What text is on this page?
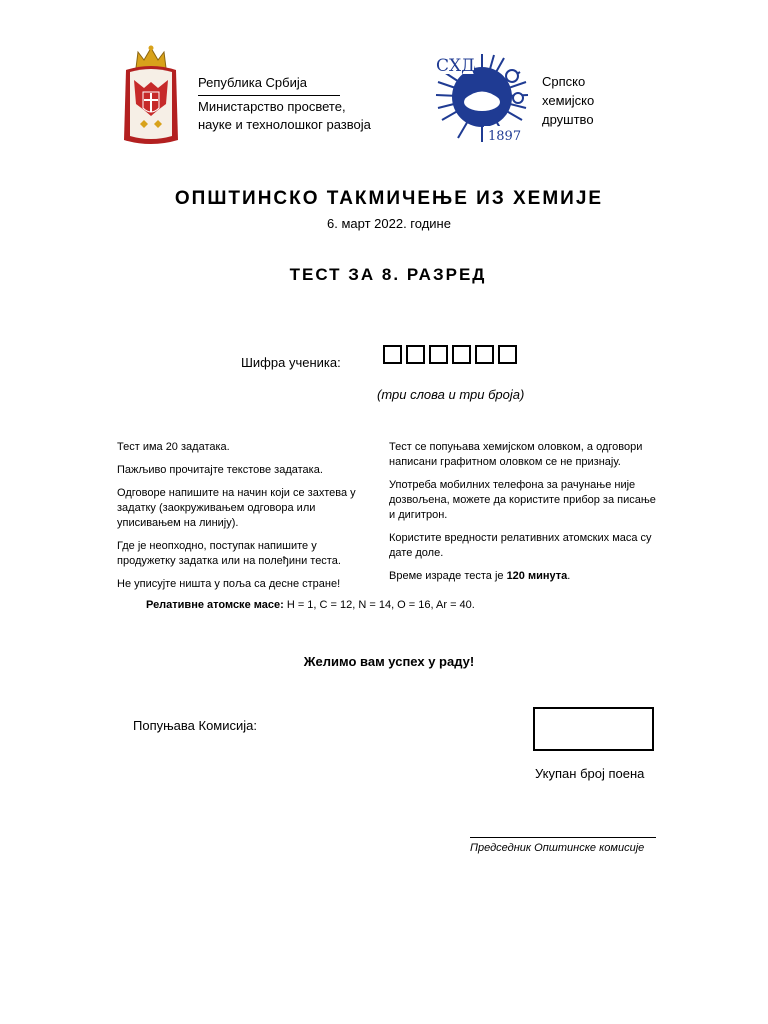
Република Србија
Министарство просвете,
науке и технолошког развоја
СХД
1897
Српско
хемијско
друштво
ОПШТИНСКО ТАКМИЧЕЊЕ ИЗ ХЕМИЈЕ
6. март 2022. године
ТЕСТ ЗА 8. РАЗРЕД
Шифра ученика:
(три слова и три броја)

Тест има 20 задатака.

Пажљиво прочитајте текстове задатака.

Одговоре напишите на начин који се захтева у задатку (заокруживањем одговора или уписивањем на линију).

Где је неопходно, поступак напишите у продужетку задатка или на полеђини теста.

Не уписујте ништа у поља са десне стране!

Тест се попуњава хемијском оловком, а одговори написани графитном оловком се не признају.

Употреба мобилних телефона за рачунање није дозвољена, можете да користите прибор за писање и дигитрон.

Користите вредности релативних атомских маса су дате доле.

Време израде теста је 120 минута.

Релативне атомске масе: H = 1, C = 12, N = 14, O = 16, Ar = 40.
Желимо вам успех у раду!
Попуњава Комисија:
Укупан број поена
Председник Општинске комисије
